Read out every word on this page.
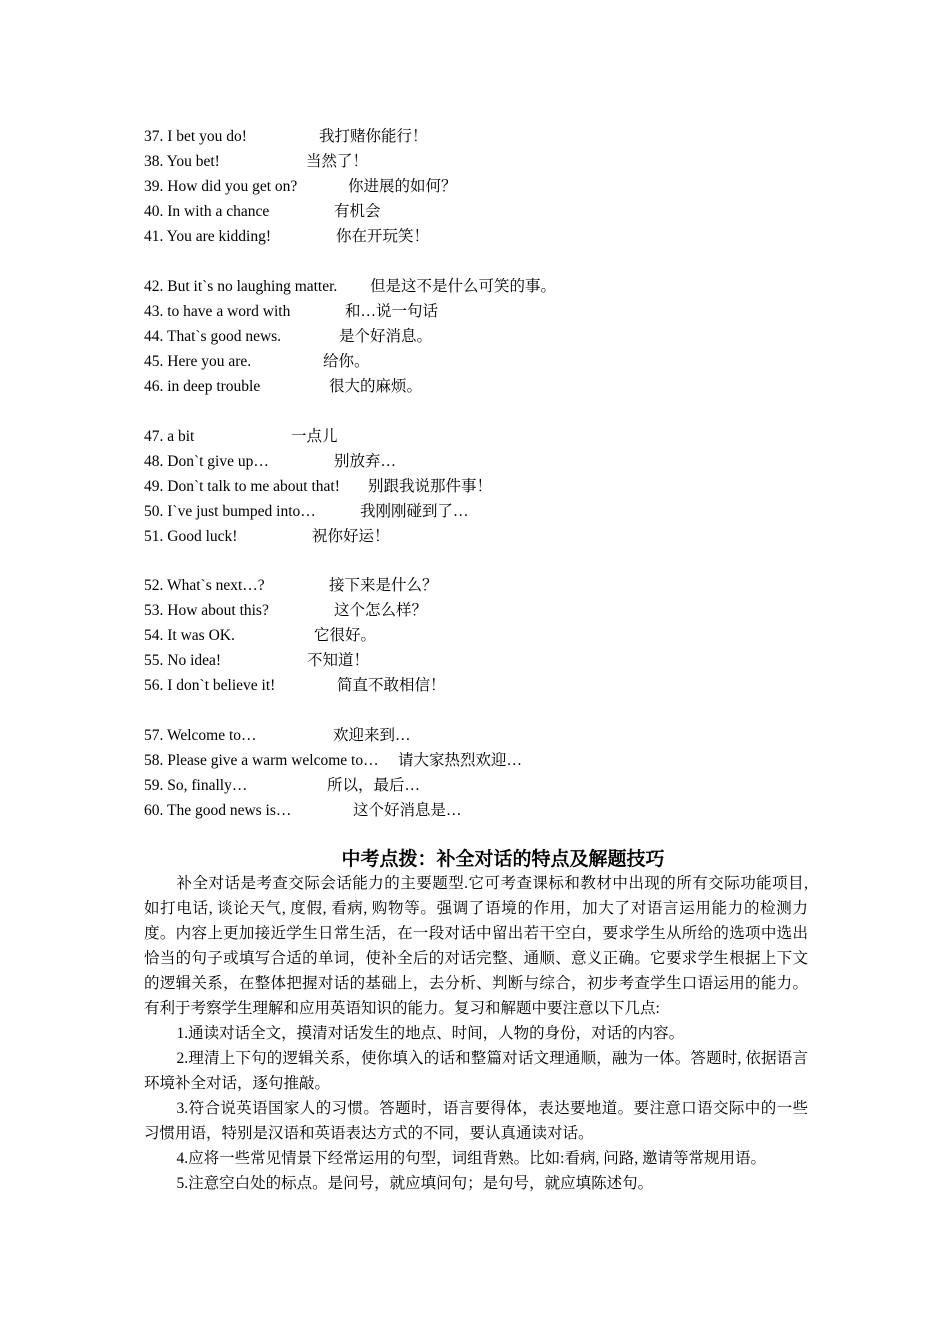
37. I bet you do!	我打赌你能行！
38. You bet!	当然了！
39. How did you get on?	你进展的如何？
40. In with a chance	有机会
41. You are kidding!	你在开玩笑！
42. But it`s no laughing matter. 但是这不是什么可笑的事。
43. to have a word with	和…说一句话
44. That`s good news.	是个好消息。
45. Here you are.	给你。
46. in deep trouble	很大的麻烦。
47. a bit	一点儿
48. Don`t give up…	别放弃…
49. Don`t talk to me about that! 别跟我说那件事！
50. I`ve just bumped into…	我刚刚碰到了…
51. Good luck!	祝你好运！
52. What`s next…?	接下来是什么？
53. How about this?	这个怎么样？
54. It was OK.	它很好。
55. No idea!	不知道！
56. I don`t believe it!	简直不敢相信！
57. Welcome to…	欢迎来到…
58. Please give a warm welcome to… 请大家热烈欢迎…
59. So, finally…	所以，最后…
60. The good news is…	这个好消息是…
中考点拨：补全对话的特点及解题技巧

补全对话是考查交际会话能力的主要题型.它可考查课标和教材中出现的所有交际功能项目, 如打电话, 谈论天气, 度假, 看病, 购物等。强调了语境的作用，加大了对语言运用能力的检测力度。内容上更加接近学生日常生活，在一段对话中留出若干空白，要求学生从所给的选项中选出恰当的句子或填写合适的单词，使补全后的对话完整、通顺、意义正确。它要求学生根据上下文的逻辑关系，在整体把握对话的基础上，去分析、判断与综合，初步考查学生口语运用的能力。有利于考察学生理解和应用英语知识的能力。复习和解题中要注意以下几点:

1.通读对话全文，摸清对话发生的地点、时间，人物的身份，对话的内容。

2.理清上下句的逻辑关系，使你填入的话和整篇对话文理通顺，融为一体。答题时, 依据语言环境补全对话，逐句推敲。

3.符合说英语国家人的习惯。答题时，语言要得体，表达要地道。要注意口语交际中的一些习惯用语，特别是汉语和英语表达方式的不同，要认真通读对话。

4.应将一些常见情景下经常运用的句型，词组背熟。比如:看病, 问路, 邀请等常规用语。

5.注意空白处的标点。是问号，就应填问句；是句号，就应填陈述句。
